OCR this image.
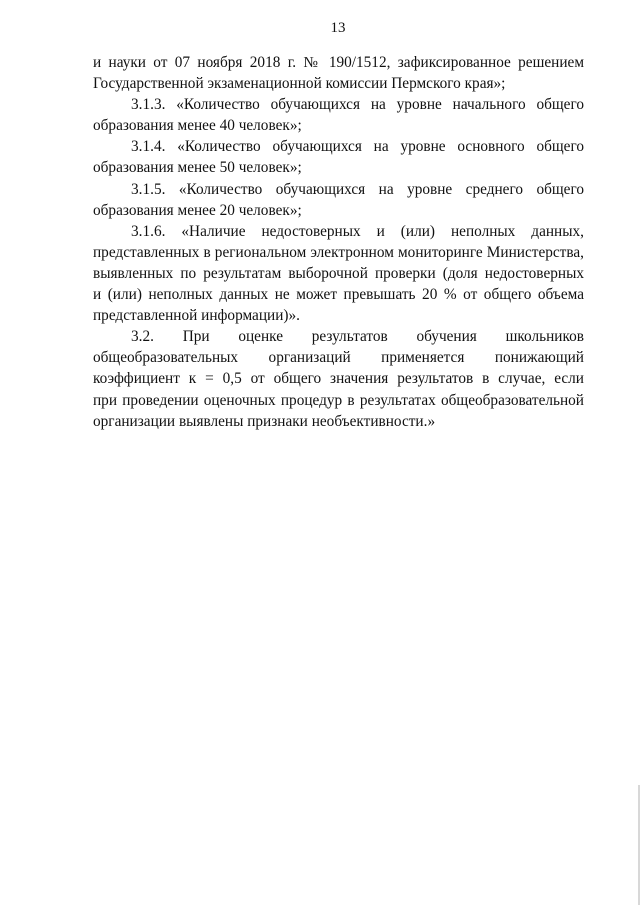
13

и науки от 07 ноября 2018 г. № 190/1512, зафиксированное решением
Государственной экзаменационной комиссии Пермского края»;

3.1.3. «Количество обучающихся на уровне начального общего
образования менее 40 человек»;

3.1.4. «Количество обучающихся на уровне основного общего
образования менее 50 человек»;

3.1.5. «Количество обучающихся на уровне среднего общего
образования менее 20 человек»;

3.1.6. «Наличие недостоверных и (или) неполных данных,
представленных в региональном электронном мониторинге Министерства,
выявленных по результатам выборочной проверки (доля недостоверных
и (или) неполных данных не может превышать 20 % от общего объема
представленной информации)».

3.2. При оценке результатов обучения школьников
общеобразовательных организаций применяется понижающий
коэффициент к = 0,5 от общего значения результатов в случае, если
при проведении оценочных процедур в результатах общеобразовательной
организации выявлены признаки необъективности.»
